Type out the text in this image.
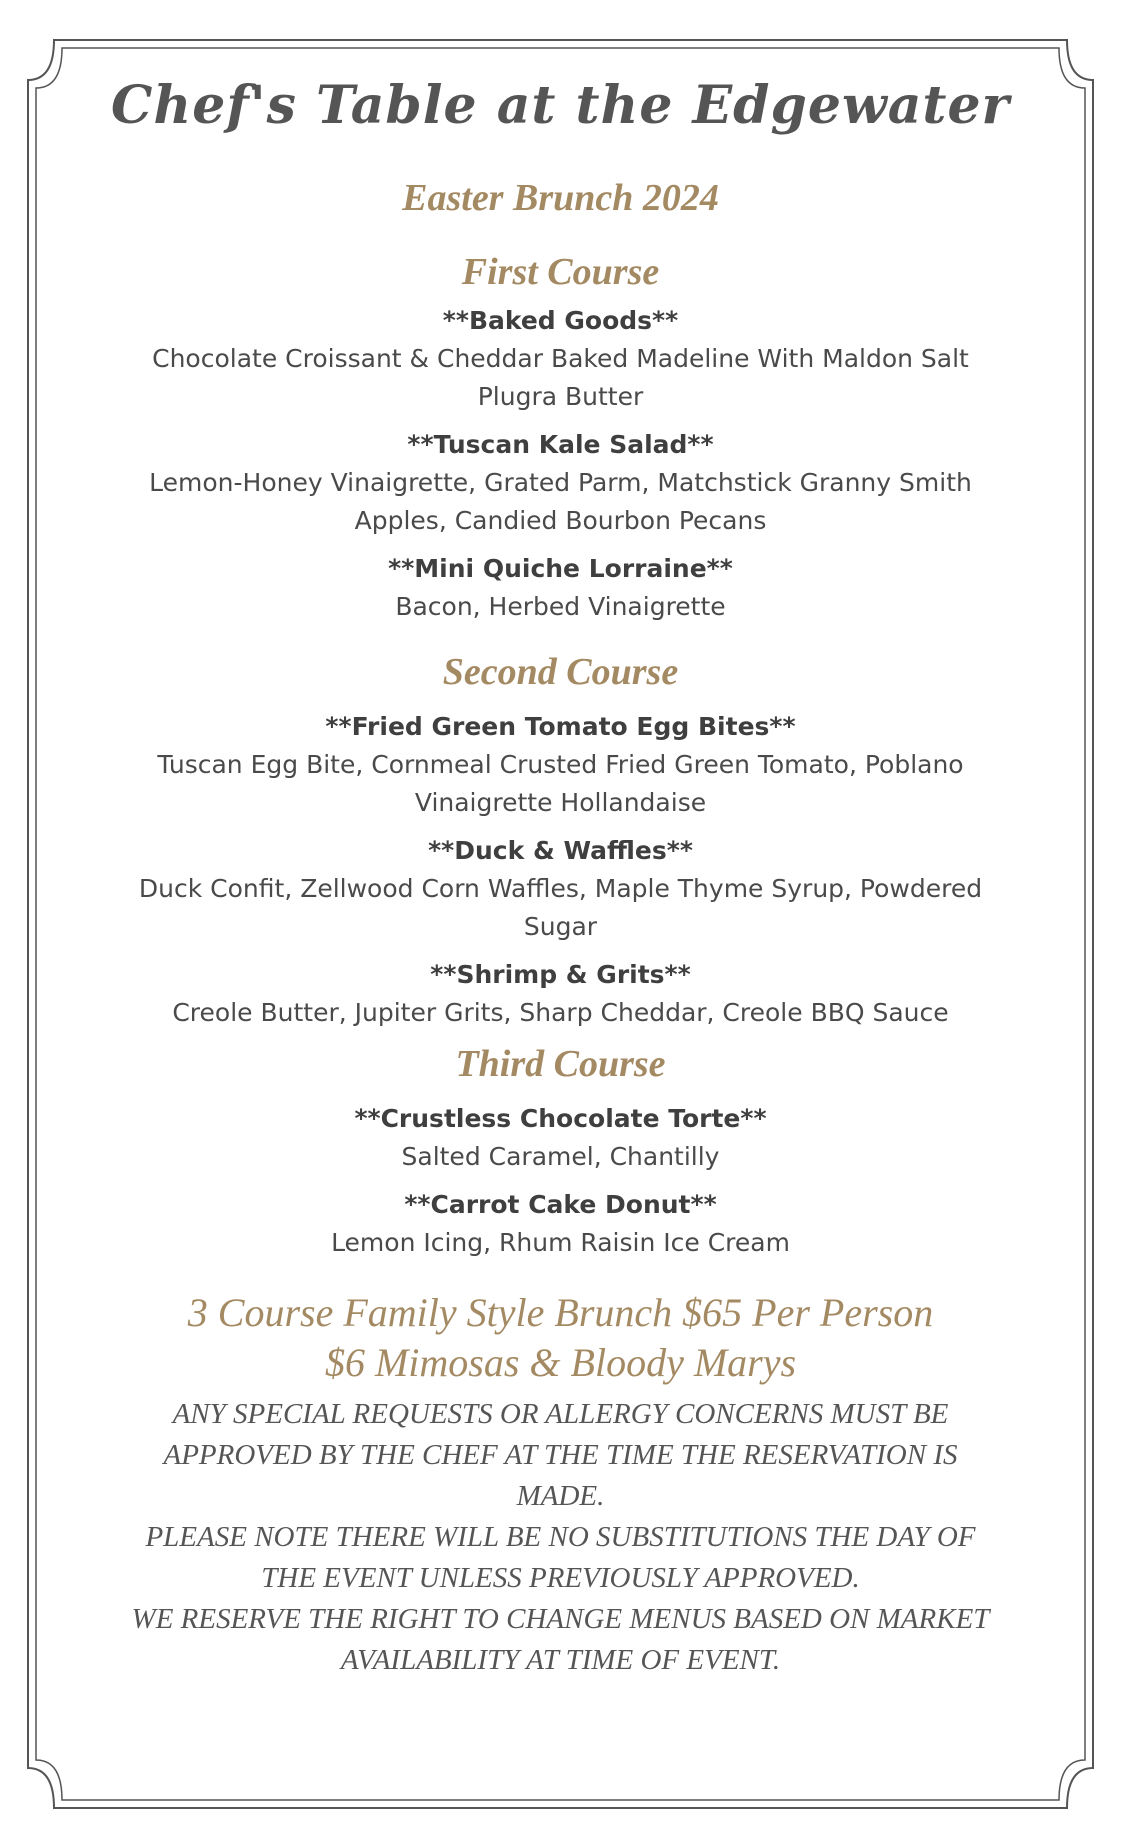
Chef's Table at the Edgewater
Easter Brunch 2024
First Course

**Baked Goods**

Chocolate Croissant & Cheddar Baked Madeline With Maldon Salt Plugra Butter

**Tuscan Kale Salad**

Lemon-Honey Vinaigrette, Grated Parm, Matchstick Granny Smith Apples, Candied Bourbon Pecans

**Mini Quiche Lorraine**

Bacon, Herbed Vinaigrette

Second Course

**Fried Green Tomato Egg Bites**

Tuscan Egg Bite, Cornmeal Crusted Fried Green Tomato, Poblano Vinaigrette Hollandaise

**Duck & Waffles**

Duck Confit, Zellwood Corn Waffles, Maple Thyme Syrup, Powdered Sugar

**Shrimp & Grits**

Creole Butter, Jupiter Grits, Sharp Cheddar, Creole BBQ Sauce

Third Course

**Crustless Chocolate Torte**

Salted Caramel, Chantilly

**Carrot Cake Donut**

Lemon Icing, Rhum Raisin Ice Cream

3 Course Family Style Brunch $65 Per Person

$6 Mimosas & Bloody Marys

ANY SPECIAL REQUESTS OR ALLERGY CONCERNS MUST BE APPROVED BY THE CHEF AT THE TIME THE RESERVATION IS MADE.

PLEASE NOTE THERE WILL BE NO SUBSTITUTIONS THE DAY OF THE EVENT UNLESS PREVIOUSLY APPROVED.

WE RESERVE THE RIGHT TO CHANGE MENUS BASED ON MARKET AVAILABILITY AT TIME OF EVENT.
